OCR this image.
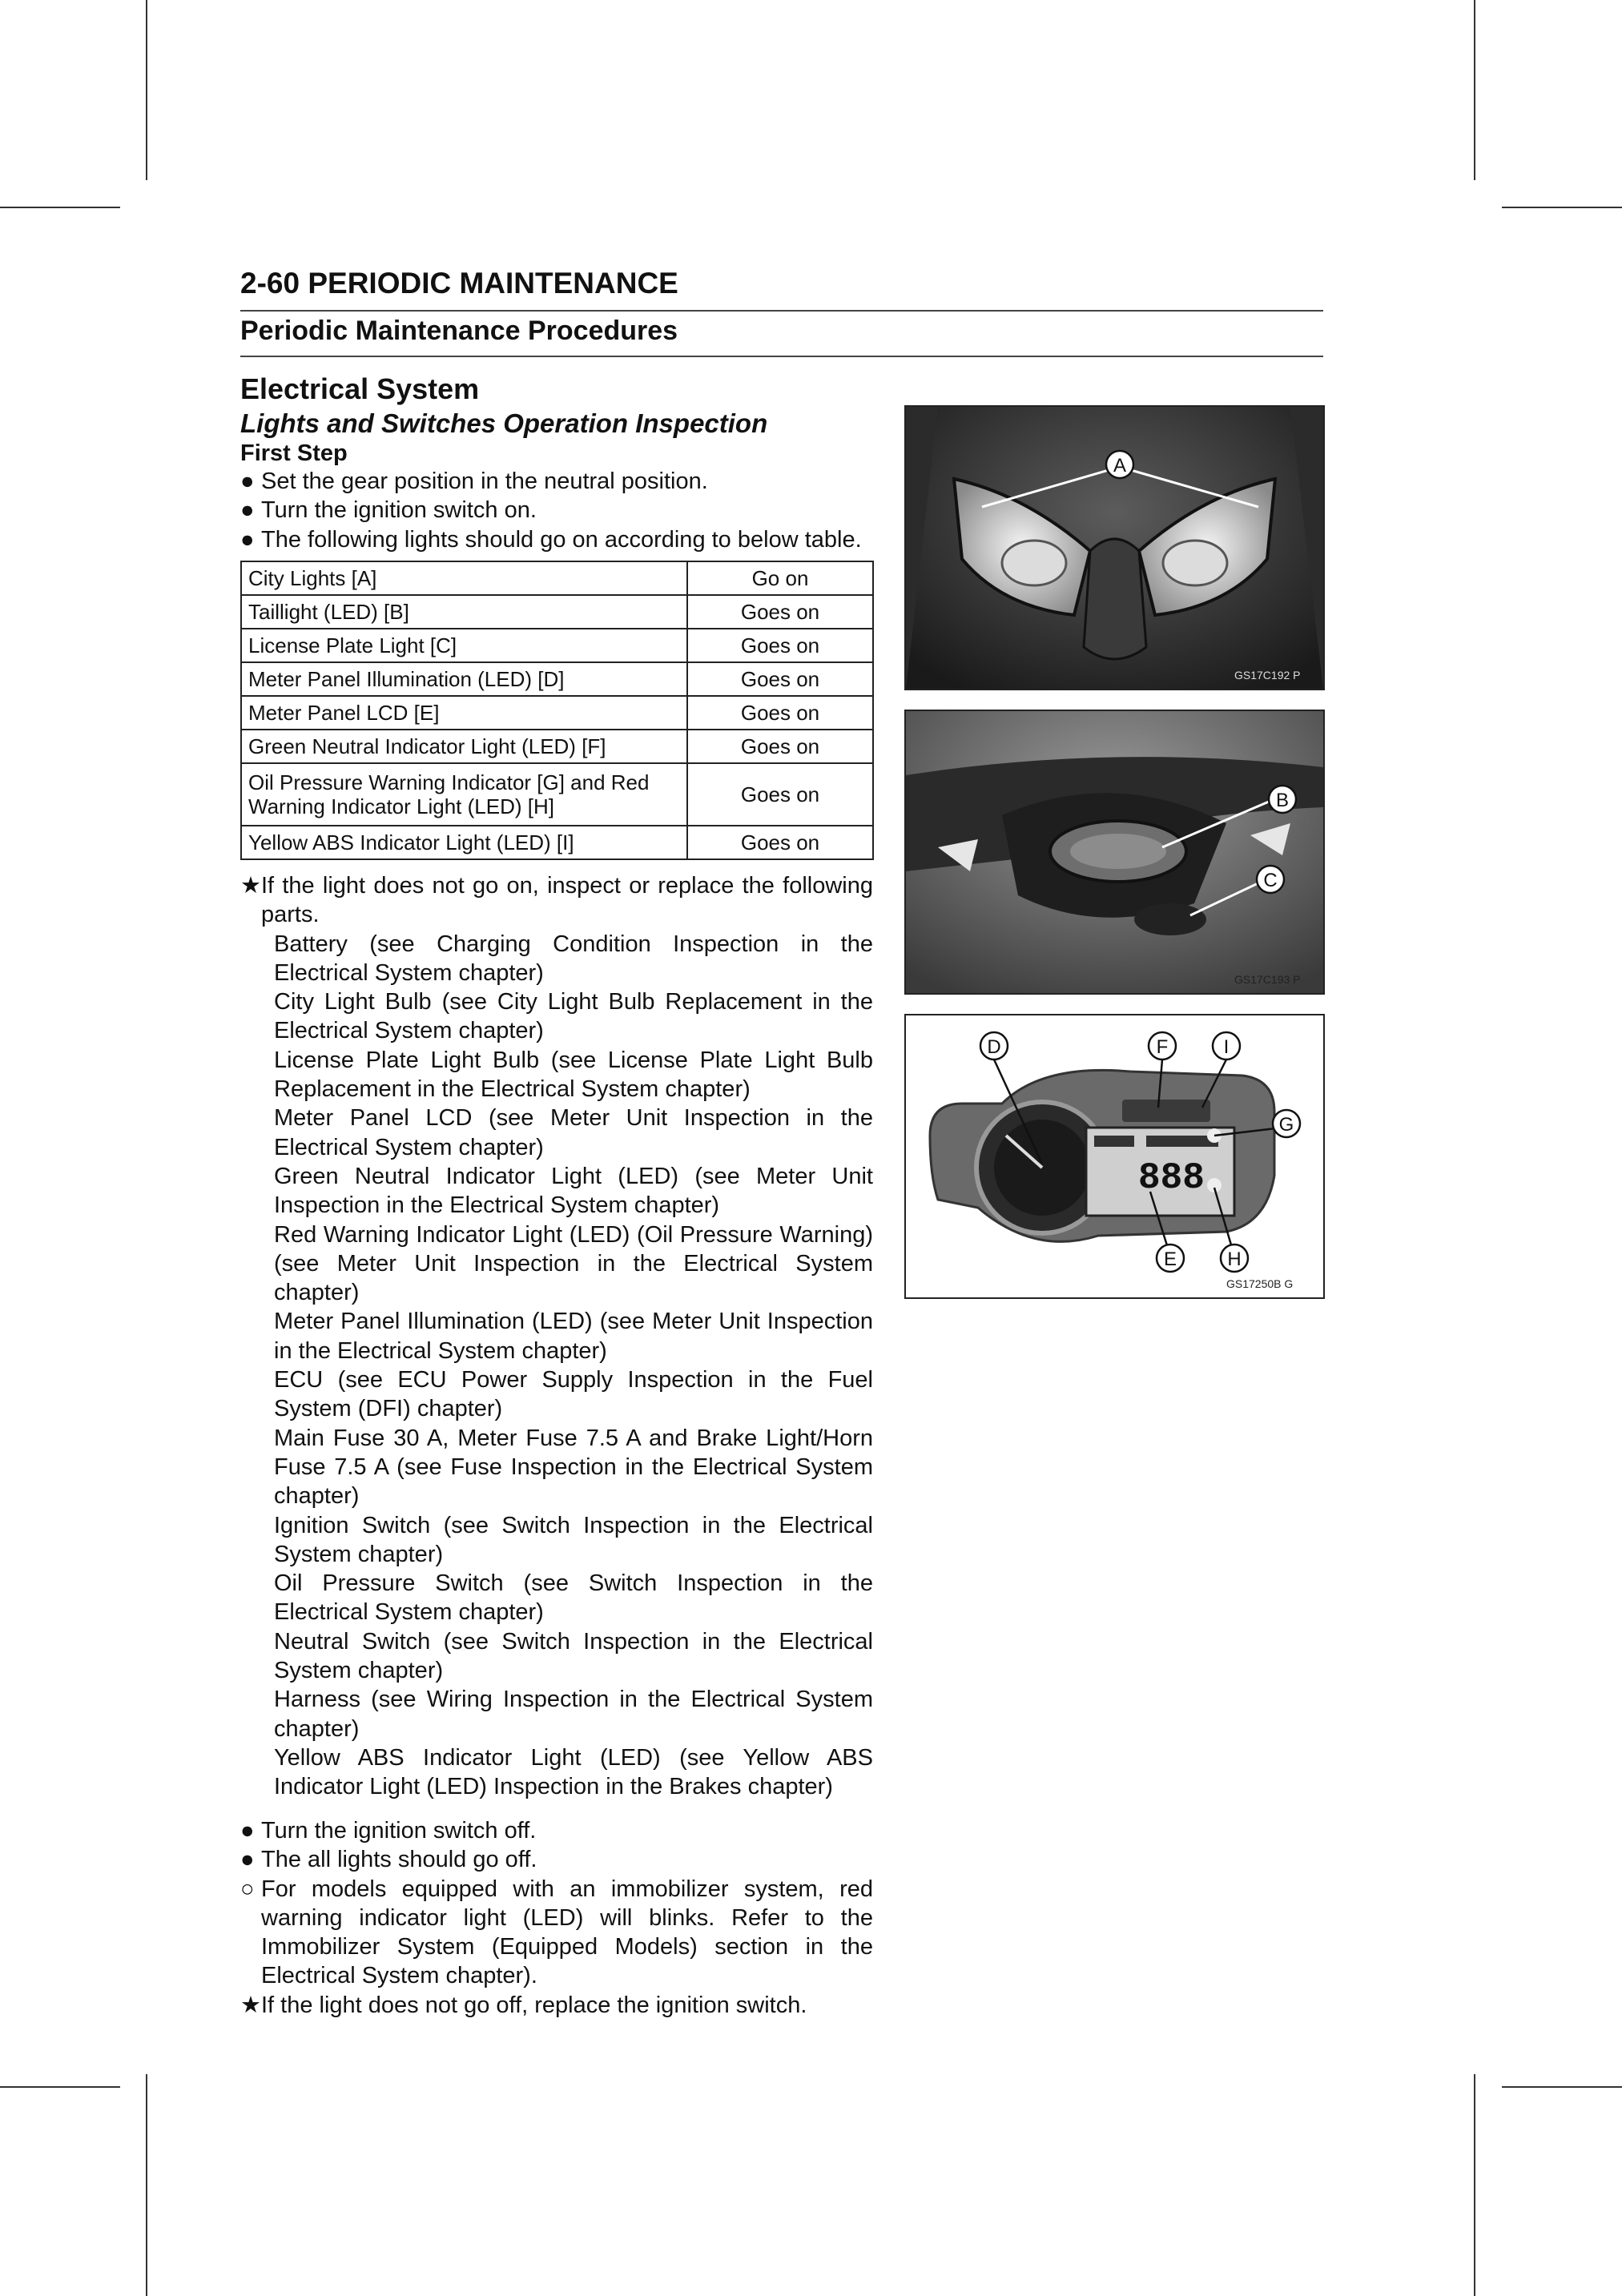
2-60 PERIODIC MAINTENANCE
Periodic Maintenance Procedures
Electrical System
Lights and Switches Operation Inspection
First Step
● Set the gear position in the neutral position.
● Turn the ignition switch on.
● The following lights should go on according to below table.
City Lights [A]	Go on
Taillight (LED) [B]	Goes on
License Plate Light [C]	Goes on
Meter Panel Illumination (LED) [D]	Goes on
Meter Panel LCD [E]	Goes on
Green Neutral Indicator Light (LED) [F]	Goes on

Oil Pressure Warning Indicator [G] and Red
Warning Indicator Light (LED) [H]	Goes on
Yellow ABS Indicator Light (LED) [I]	Goes on
★ If the light does not go on, inspect or replace the following parts.
Battery (see Charging Condition Inspection in the Electrical System chapter)
City Light Bulb (see City Light Bulb Replacement in the Electrical System chapter)
License Plate Light Bulb (see License Plate Light Bulb Replacement in the Electrical System chapter)
Meter Panel LCD (see Meter Unit Inspection in the Electrical System chapter)
Green Neutral Indicator Light (LED) (see Meter Unit Inspection in the Electrical System chapter)
Red Warning Indicator Light (LED) (Oil Pressure Warning) (see Meter Unit Inspection in the Electrical System chapter)
Meter Panel Illumination (LED) (see Meter Unit Inspection in the Electrical System chapter)
ECU (see ECU Power Supply Inspection in the Fuel System (DFI) chapter)
Main Fuse 30 A, Meter Fuse 7.5 A and Brake Light/Horn Fuse 7.5 A (see Fuse Inspection in the Electrical System chapter)
Ignition Switch (see Switch Inspection in the Electrical System chapter)
Oil Pressure Switch (see Switch Inspection in the Electrical System chapter)
Neutral Switch (see Switch Inspection in the Electrical System chapter)
Harness (see Wiring Inspection in the Electrical System chapter)
Yellow ABS Indicator Light (LED) (see Yellow ABS Indicator Light (LED) Inspection in the Brakes chapter)
● Turn the ignition switch off.
● The all lights should go off.
○ For models equipped with an immobilizer system, red warning indicator light (LED) will blinks. Refer to the Immobilizer System (Equipped Models) section in the Electrical System chapter).
★ If the light does not go off, replace the ignition switch.
A
GS17C192 P
B
C
GS17C193 P
888
D	F	I
G
E	H
GS17250B G
